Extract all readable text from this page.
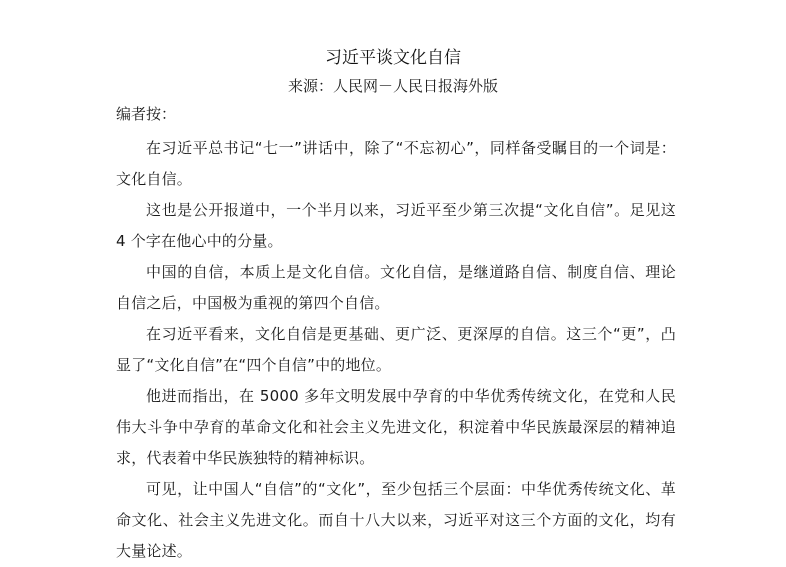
习近平谈文化自信
来源：人民网－人民日报海外版
编者按：

在习近平总书记“七一”讲话中，除了“不忘初心”，同样备受瞩目的一个词是：文化自信。

这也是公开报道中，一个半月以来，习近平至少第三次提“文化自信”。足见这 4 个字在他心中的分量。

中国的自信，本质上是文化自信。文化自信，是继道路自信、制度自信、理论自信之后，中国极为重视的第四个自信。

在习近平看来，文化自信是更基础、更广泛、更深厚的自信。这三个“更”，凸显了“文化自信”在“四个自信”中的地位。

他进而指出，在 5000 多年文明发展中孕育的中华优秀传统文化，在党和人民伟大斗争中孕育的革命文化和社会主义先进文化，积淀着中华民族最深层的精神追求，代表着中华民族独特的精神标识。

可见，让中国人“自信”的“文化”，至少包括三个层面：中华优秀传统文化、革命文化、社会主义先进文化。而自十八大以来，习近平对这三个方面的文化，均有大量论述。
